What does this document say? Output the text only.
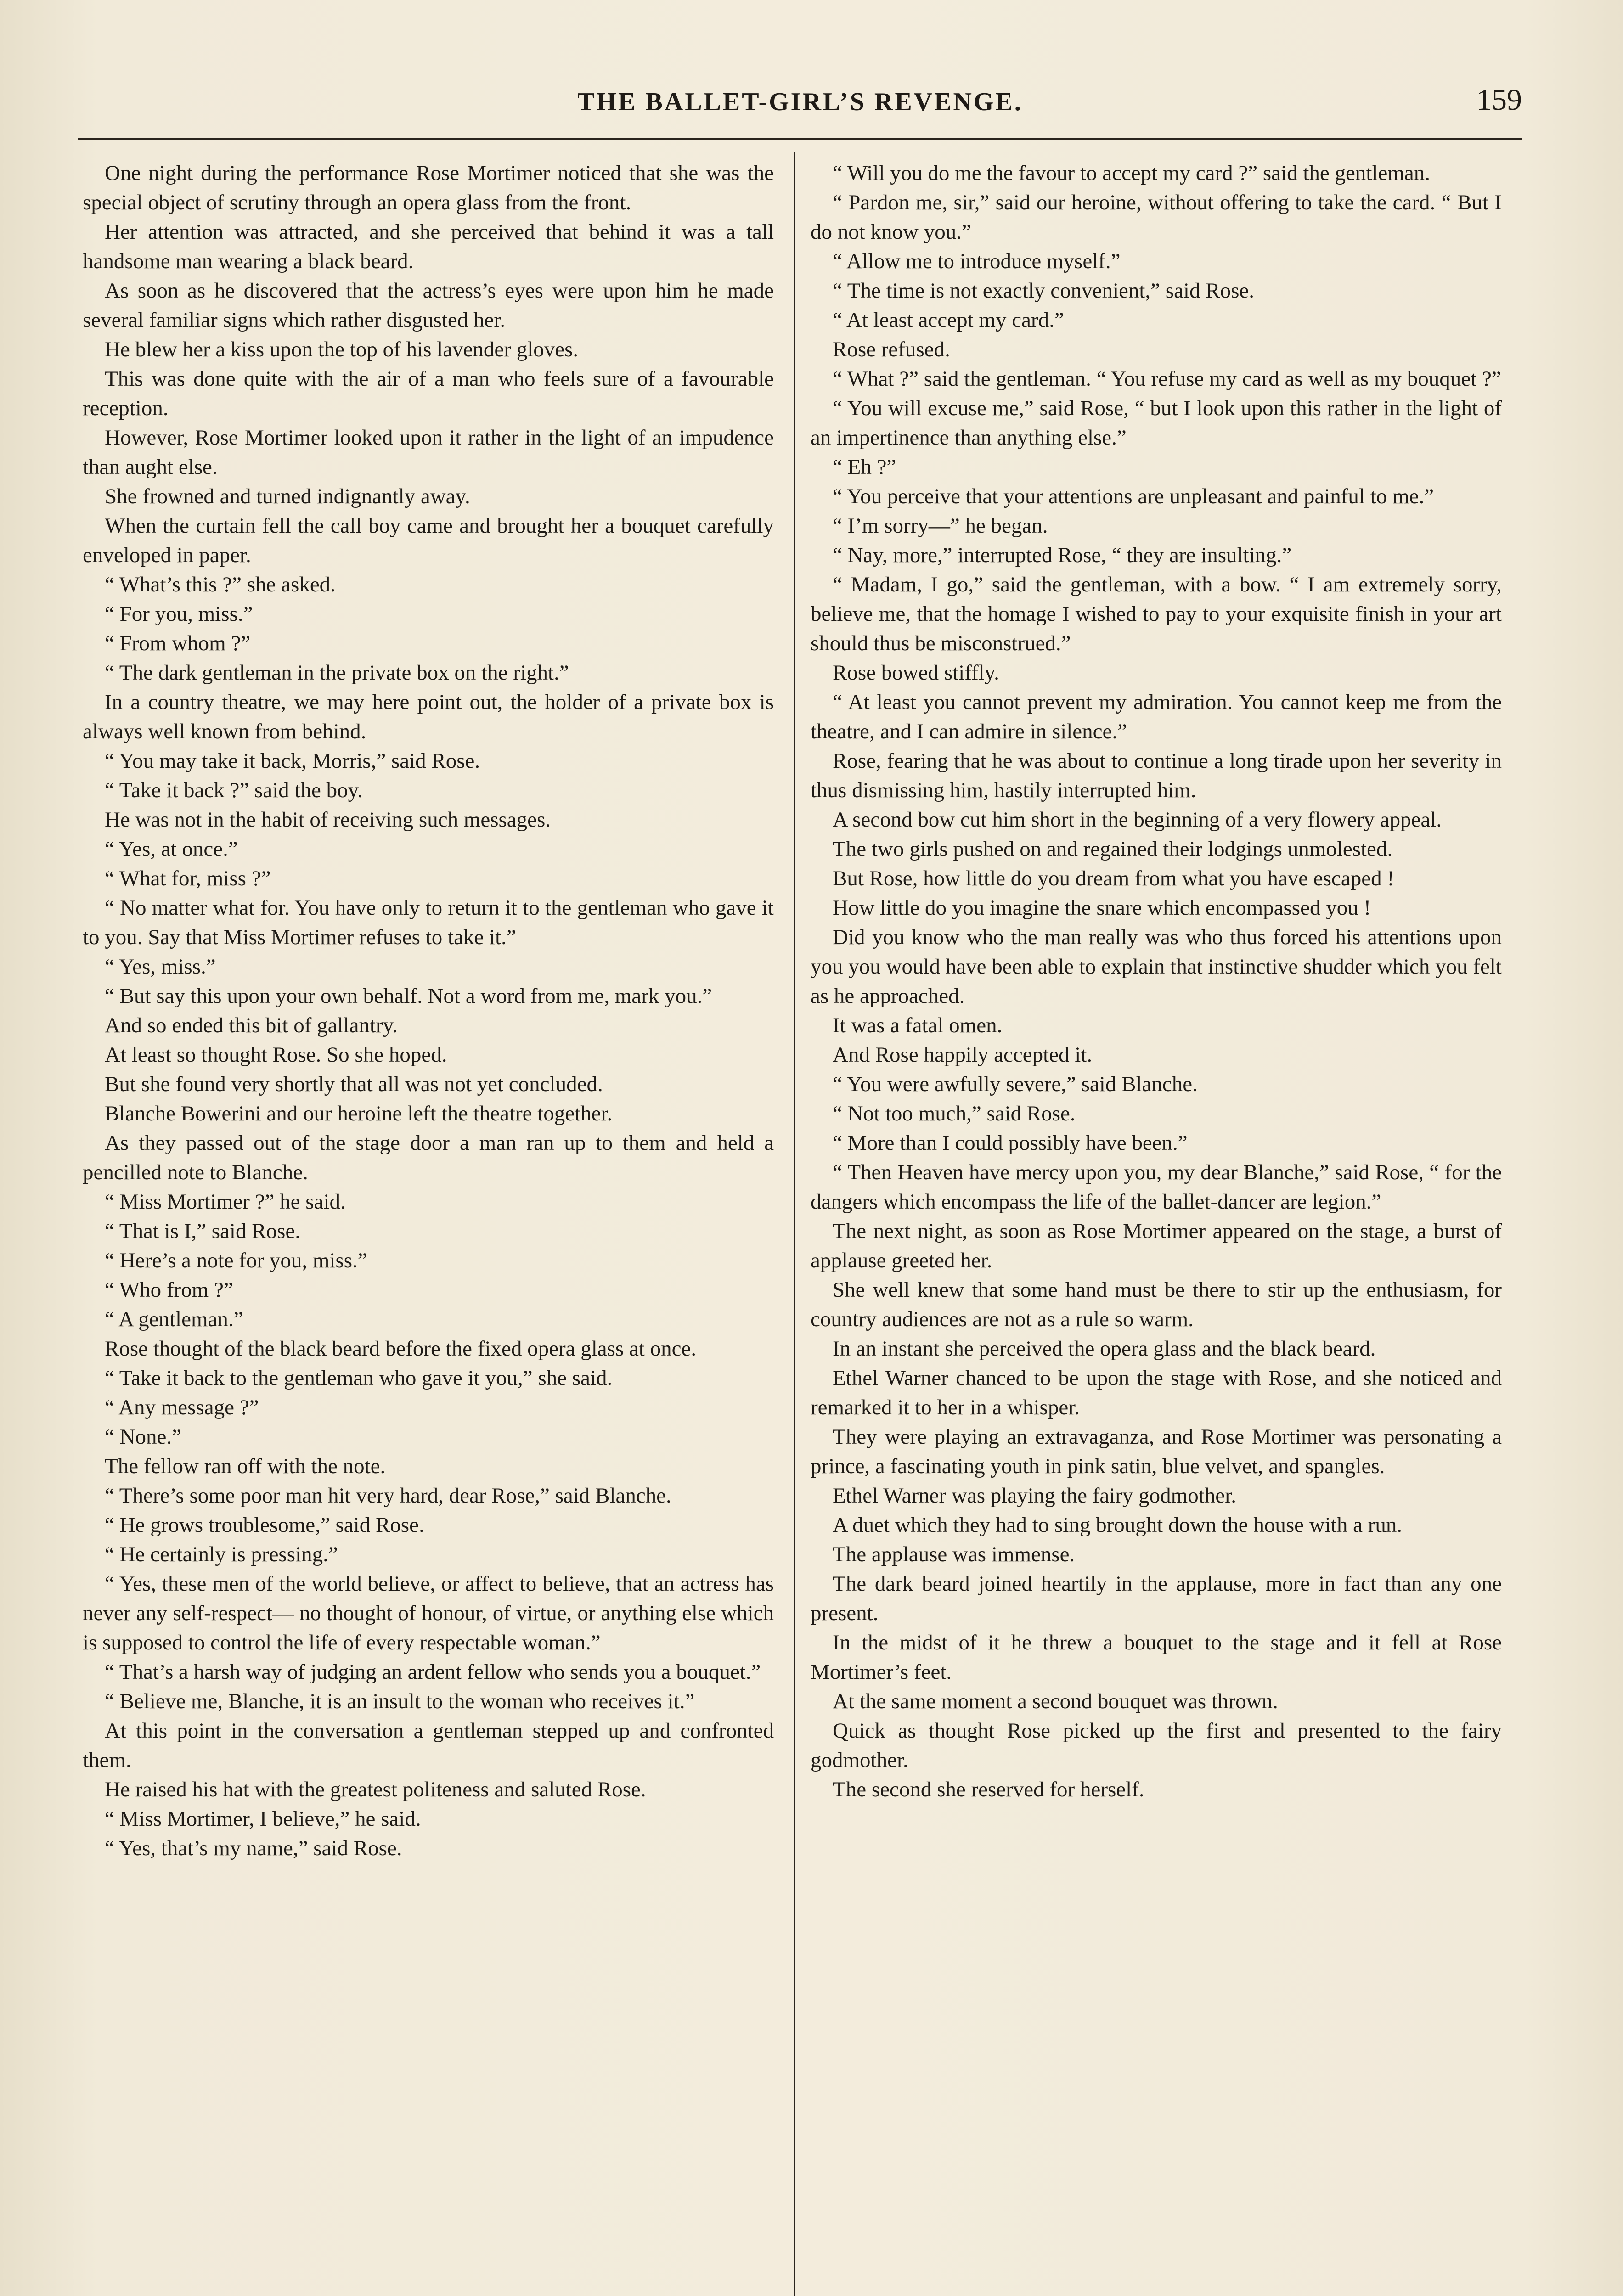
THE BALLET-GIRL’S REVENGE.	159

One night during the performance Rose Mortimer noticed that she was the special object of scrutiny through an opera glass from the front.

Her attention was attracted, and she perceived that behind it was a tall handsome man wearing a black beard.

As soon as he discovered that the actress’s eyes were upon him he made several familiar signs which rather disgusted her.

He blew her a kiss upon the top of his lavender gloves.

This was done quite with the air of a man who feels sure of a favourable reception.

However, Rose Mortimer looked upon it rather in the light of an impudence than aught else.

She frowned and turned indignantly away.

When the curtain fell the call boy came and brought her a bouquet carefully enveloped in paper.

“ What’s this ?” she asked.

“ For you, miss.”

“ From whom ?”

“ The dark gentleman in the private box on the right.”

In a country theatre, we may here point out, the holder of a private box is always well known from behind.

“ You may take it back, Morris,” said Rose.

“ Take it back ?” said the boy.

He was not in the habit of receiving such messages.

“ Yes, at once.”

“ What for, miss ?”

“ No matter what for. You have only to return it to the gentleman who gave it to you. Say that Miss Mortimer refuses to take it.”

“ Yes, miss.”

“ But say this upon your own behalf. Not a word from me, mark you.”

And so ended this bit of gallantry.

At least so thought Rose. So she hoped.

But she found very shortly that all was not yet concluded.

Blanche Bowerini and our heroine left the theatre together.

As they passed out of the stage door a man ran up to them and held a pencilled note to Blanche.

“ Miss Mortimer ?” he said.

“ That is I,” said Rose.

“ Here’s a note for you, miss.”

“ Who from ?”

“ A gentleman.”

Rose thought of the black beard before the fixed opera glass at once.

“ Take it back to the gentleman who gave it you,” she said.

“ Any message ?”

“ None.”

The fellow ran off with the note.

“ There’s some poor man hit very hard, dear Rose,” said Blanche.

“ He grows troublesome,” said Rose.

“ He certainly is pressing.”

“ Yes, these men of the world believe, or affect to believe, that an actress has never any self-respect— no thought of honour, of virtue, or anything else which is supposed to control the life of every respectable woman.”

“ That’s a harsh way of judging an ardent fellow who sends you a bouquet.”

“ Believe me, Blanche, it is an insult to the woman who receives it.”

At this point in the conversation a gentleman stepped up and confronted them.

He raised his hat with the greatest politeness and saluted Rose.

“ Miss Mortimer, I believe,” he said.

“ Yes, that’s my name,” said Rose.

“ Will you do me the favour to accept my card ?” said the gentleman.

“ Pardon me, sir,” said our heroine, without offering to take the card. “ But I do not know you.”

“ Allow me to introduce myself.”

“ The time is not exactly convenient,” said Rose.

“ At least accept my card.”

Rose refused.

“ What ?” said the gentleman. “ You refuse my card as well as my bouquet ?”

“ You will excuse me,” said Rose, “ but I look upon this rather in the light of an impertinence than anything else.”

“ Eh ?”

“ You perceive that your attentions are unpleasant and painful to me.”

“ I’m sorry—” he began.

“ Nay, more,” interrupted Rose, “ they are insulting.”

“ Madam, I go,” said the gentleman, with a bow. “ I am extremely sorry, believe me, that the homage I wished to pay to your exquisite finish in your art should thus be misconstrued.”

Rose bowed stiffly.

“ At least you cannot prevent my admiration. You cannot keep me from the theatre, and I can admire in silence.”

Rose, fearing that he was about to continue a long tirade upon her severity in thus dismissing him, hastily interrupted him.

A second bow cut him short in the beginning of a very flowery appeal.

The two girls pushed on and regained their lodgings unmolested.

But Rose, how little do you dream from what you have escaped !

How little do you imagine the snare which encompassed you !

Did you know who the man really was who thus forced his attentions upon you you would have been able to explain that instinctive shudder which you felt as he approached.

It was a fatal omen.

And Rose happily accepted it.

“ You were awfully severe,” said Blanche.

“ Not too much,” said Rose.

“ More than I could possibly have been.”

“ Then Heaven have mercy upon you, my dear Blanche,” said Rose, “ for the dangers which encompass the life of the ballet-dancer are legion.”

The next night, as soon as Rose Mortimer appeared on the stage, a burst of applause greeted her.

She well knew that some hand must be there to stir up the enthusiasm, for country audiences are not as a rule so warm.

In an instant she perceived the opera glass and the black beard.

Ethel Warner chanced to be upon the stage with Rose, and she noticed and remarked it to her in a whisper.

They were playing an extravaganza, and Rose Mortimer was personating a prince, a fascinating youth in pink satin, blue velvet, and spangles.

Ethel Warner was playing the fairy godmother.

A duet which they had to sing brought down the house with a run.

The applause was immense.

The dark beard joined heartily in the applause, more in fact than any one present.

In the midst of it he threw a bouquet to the stage and it fell at Rose Mortimer’s feet.

At the same moment a second bouquet was thrown.

Quick as thought Rose picked up the first and presented to the fairy godmother.

The second she reserved for herself.
